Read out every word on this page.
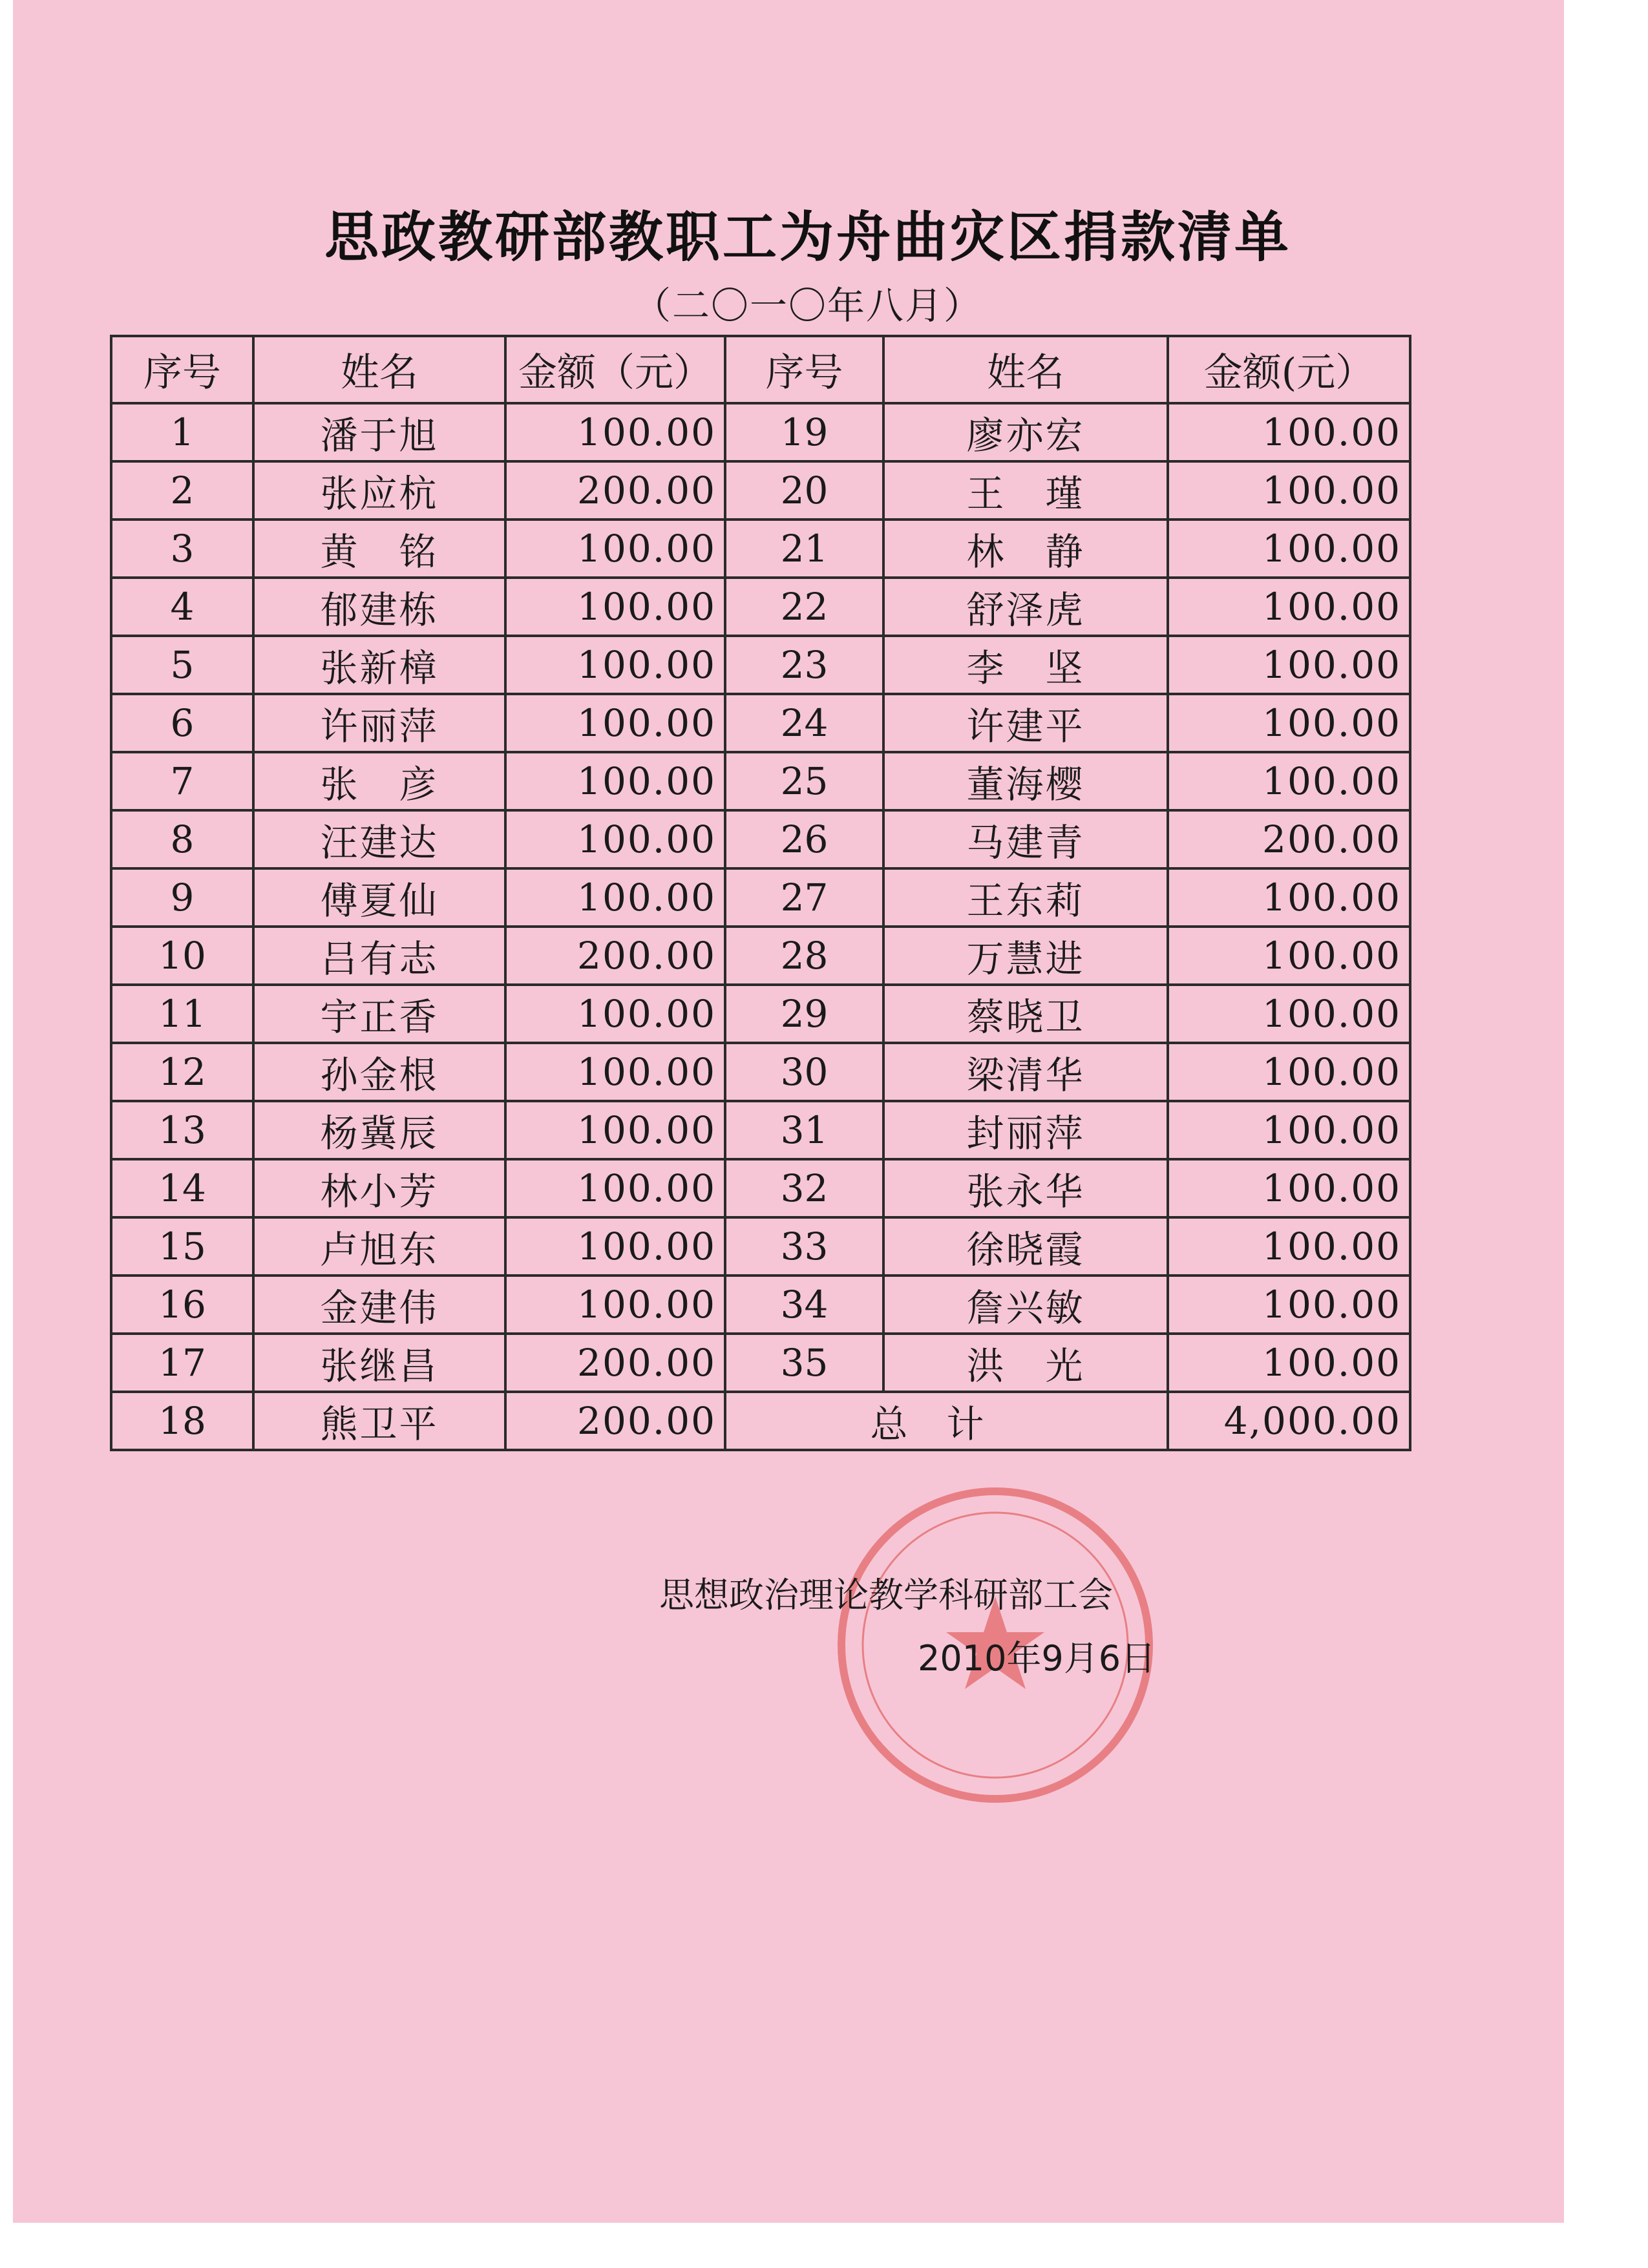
思政教研部教职工为舟曲灾区捐款清单
（二〇一〇年八月）
序号	姓名	金额（元）	序号	姓名	金额(元）
1	潘于旭	100.00	19	廖亦宏	100.00
2	张应杭	200.00	20	王　瑾	100.00
3	黄　铭	100.00	21	林　静	100.00
4	郁建栋	100.00	22	舒泽虎	100.00
5	张新樟	100.00	23	李　坚	100.00
6	许丽萍	100.00	24	许建平	100.00
7	张　彦	100.00	25	董海樱	100.00
8	汪建达	100.00	26	马建青	200.00
9	傅夏仙	100.00	27	王东莉	100.00
10	吕有志	200.00	28	万慧进	100.00
11	宇正香	100.00	29	蔡晓卫	100.00
12	孙金根	100.00	30	梁清华	100.00
13	杨冀辰	100.00	31	封丽萍	100.00
14	林小芳	100.00	32	张永华	100.00
15	卢旭东	100.00	33	徐晓霞	100.00
16	金建伟	100.00	34	詹兴敏	100.00
17	张继昌	200.00	35	洪　光	100.00
18	熊卫平	200.00	总计		4,000.00
思想政治理论教学科研部工会
2010年9月6日
